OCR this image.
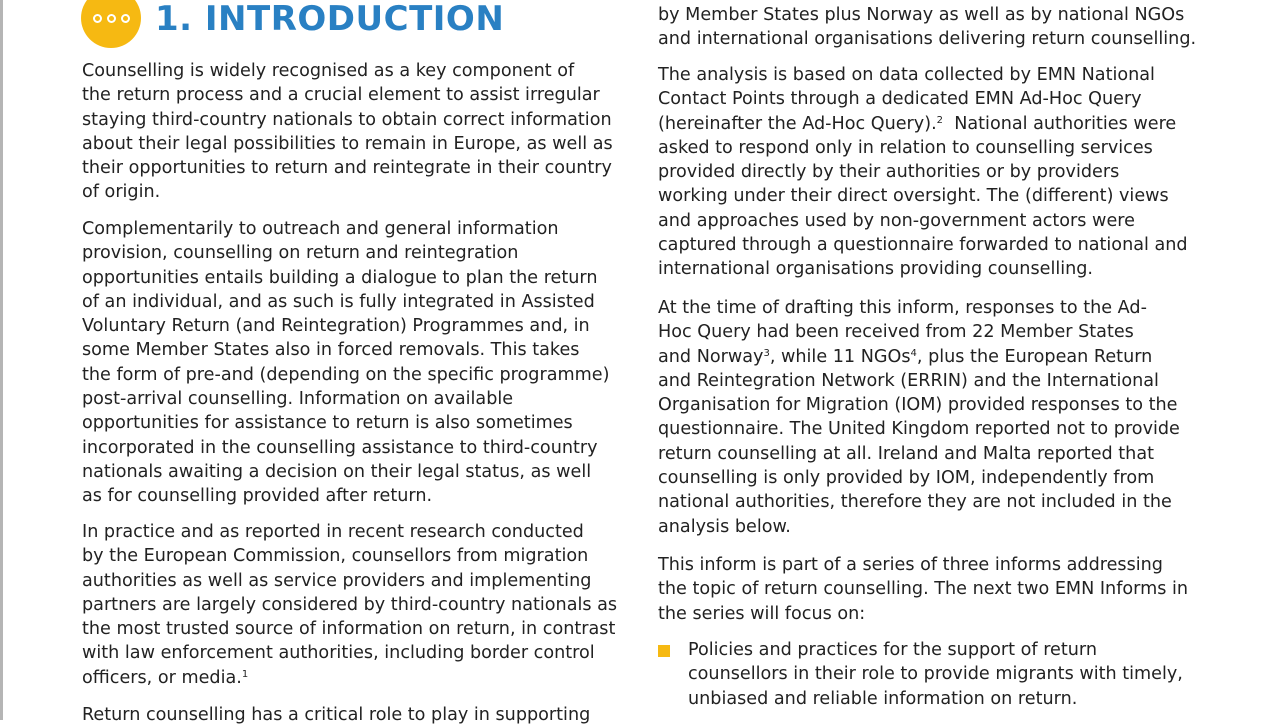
1. INTRODUCTION
Counselling is widely recognised as a key component of
the return process and a crucial element to assist irregular
staying third-country nationals to obtain correct information
about their legal possibilities to remain in Europe, as well as
their opportunities to return and reintegrate in their country
of origin.
Complementarily to outreach and general information
provision, counselling on return and reintegration
opportunities entails building a dialogue to plan the return
of an individual, and as such is fully integrated in Assisted
Voluntary Return (and Reintegration) Programmes and, in
some Member States also in forced removals. This takes
the form of pre-and (depending on the specific programme)
post-arrival counselling. Information on available
opportunities for assistance to return is also sometimes
incorporated in the counselling assistance to third-country
nationals awaiting a decision on their legal status, as well
as for counselling provided after return.
In practice and as reported in recent research conducted
by the European Commission, counsellors from migration
authorities as well as service providers and implementing
partners are largely considered by third-country nationals as
the most trusted source of information on return, in contrast
with law enforcement authorities, including border control
officers, or media.$^1$
Return counselling has a critical role to play in supporting
by Member States plus Norway as well as by national NGOs
and international organisations delivering return counselling.
The analysis is based on data collected by EMN National
Contact Points through a dedicated EMN Ad-Hoc Query
(hereinafter the Ad-Hoc Query).$^2$ National authorities were
asked to respond only in relation to counselling services
provided directly by their authorities or by providers
working under their direct oversight. The (different) views
and approaches used by non-government actors were
captured through a questionnaire forwarded to national and
international organisations providing counselling.
At the time of drafting this inform, responses to the Ad-
Hoc Query had been received from 22 Member States
and Norway$^3$, while 11 NGOs$^4$, plus the European Return
and Reintegration Network (ERRIN) and the International
Organisation for Migration (IOM) provided responses to the
questionnaire. The United Kingdom reported not to provide
return counselling at all. Ireland and Malta reported that
counselling is only provided by IOM, independently from
national authorities, therefore they are not included in the
analysis below.
This inform is part of a series of three informs addressing
the topic of return counselling. The next two EMN Informs in
the series will focus on:
Policies and practices for the support of return
counsellors in their role to provide migrants with timely,
unbiased and reliable information on return.
